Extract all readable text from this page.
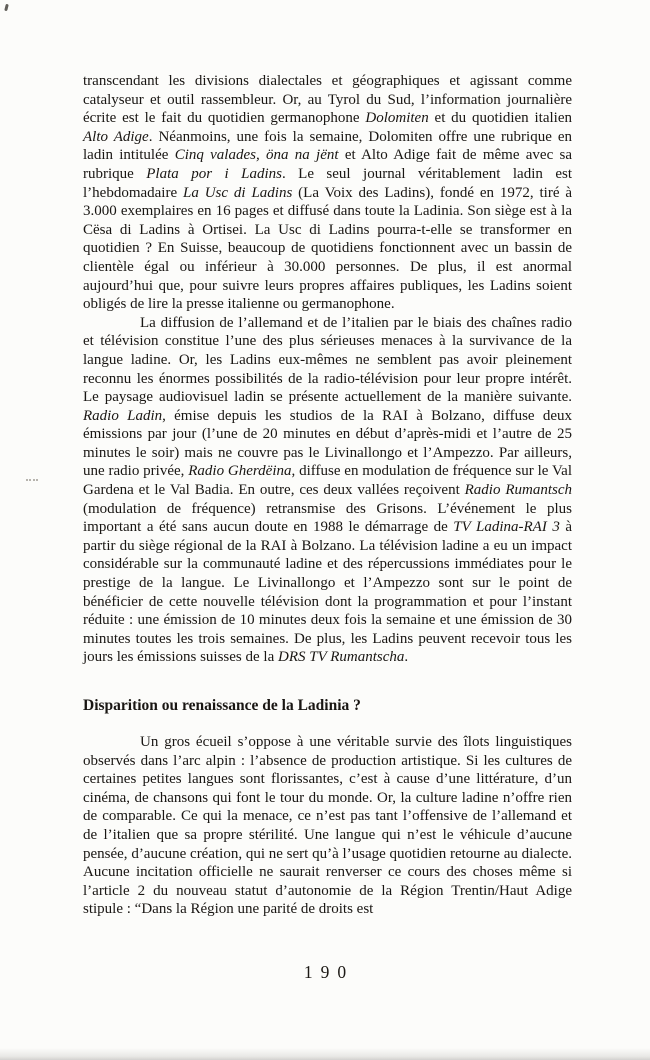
transcendant les divisions dialectales et géographiques et agissant comme catalyseur et outil rassembleur. Or, au Tyrol du Sud, l’information journalière écrite est le fait du quotidien germanophone Dolomiten et du quotidien italien Alto Adige. Néanmoins, une fois la semaine, Dolomiten offre une rubrique en ladin intitulée Cinq valades, öna na jënt et Alto Adige fait de même avec sa rubrique Plata por i Ladins. Le seul journal véritablement ladin est l’hebdomadaire La Usc di Ladins (La Voix des Ladins), fondé en 1972, tiré à 3.000 exemplaires en 16 pages et diffusé dans toute la Ladinia. Son siège est à la Cësa di Ladins à Ortisei. La Usc di Ladins pourra-t-elle se transformer en quotidien ? En Suisse, beaucoup de quotidiens fonctionnent avec un bassin de clientèle égal ou inférieur à 30.000 personnes. De plus, il est anormal aujourd’hui que, pour suivre leurs propres affaires publiques, les Ladins soient obligés de lire la presse italienne ou germanophone.

La diffusion de l’allemand et de l’italien par le biais des chaînes radio et télévision constitue l’une des plus sérieuses menaces à la survivance de la langue ladine. Or, les Ladins eux-mêmes ne semblent pas avoir pleinement reconnu les énormes possibilités de la radio-télévision pour leur propre intérêt. Le paysage audiovisuel ladin se présente actuellement de la manière suivante. Radio Ladin, émise depuis les studios de la RAI à Bolzano, diffuse deux émissions par jour (l’une de 20 minutes en début d’après-midi et l’autre de 25 minutes le soir) mais ne couvre pas le Livinallongo et l’Ampezzo. Par ailleurs, une radio privée, Radio Gherdëina, diffuse en modulation de fréquence sur le Val Gardena et le Val Badia. En outre, ces deux vallées reçoivent Radio Rumantsch (modulation de fréquence) retransmise des Grisons. L’événement le plus important a été sans aucun doute en 1988 le démarrage de TV Ladina-RAI 3 à partir du siège régional de la RAI à Bolzano. La télévision ladine a eu un impact considérable sur la communauté ladine et des répercussions immédiates pour le prestige de la langue. Le Livinallongo et l’Ampezzo sont sur le point de bénéficier de cette nouvelle télévision dont la programmation et pour l’instant réduite : une émission de 10 minutes deux fois la semaine et une émission de 30 minutes toutes les trois semaines. De plus, les Ladins peuvent recevoir tous les jours les émissions suisses de la DRS TV Rumantscha.

Disparition ou renaissance de la Ladinia ?

Un gros écueil s’oppose à une véritable survie des îlots linguistiques observés dans l’arc alpin : l’absence de production artistique. Si les cultures de certaines petites langues sont florissantes, c’est à cause d’une littérature, d’un cinéma, de chansons qui font le tour du monde. Or, la culture ladine n’offre rien de comparable. Ce qui la menace, ce n’est pas tant l’offensive de l’allemand et de l’italien que sa propre stérilité. Une langue qui n’est le véhicule d’aucune pensée, d’aucune création, qui ne sert qu’à l’usage quotidien retourne au dialecte. Aucune incitation officielle ne saurait renverser ce cours des choses même si l’article 2 du nouveau statut d’autonomie de la Région Trentin/Haut Adige stipule : “Dans la Région une parité de droits est

190
